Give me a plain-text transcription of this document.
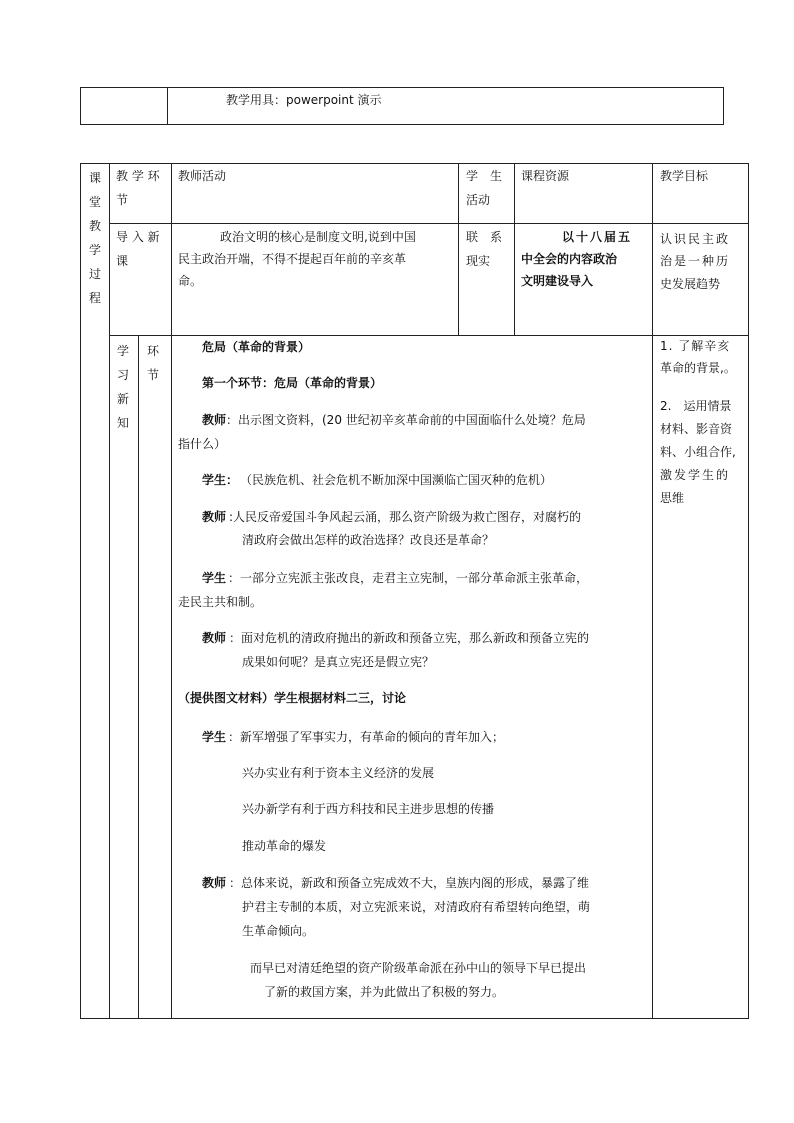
教学用具：powerpoint 演示
课
堂
教
学
过
程
教 学 环
节
教师活动	学　生
活动
课程资源	教学目标
导 入 新
课
政治文明的核心是制度文明,说到中国
民主政治开端，不得不提起百年前的辛亥革
命。
联　系
现实
以十八届五
中全会的内容政治
文明建设导入
认识民主政
治是一种历
史发展趋势
学
习
新
知
环
节
危局（革命的背景）
第一个环节：危局（革命的背景）
教师 ：出示图文资料，(20 世纪初辛亥革命前的中国面临什么处境？危局
指什么）
学生： （民族危机、社会危机不断加深中国濒临亡国灭种的危机）
教师 :人民反帝爱国斗争风起云涌，那么资产阶级为救亡图存，对腐朽的
清政府会做出怎样的政治选择？改良还是革命？
学生 ：一部分立宪派主张改良，走君主立宪制，一部分革命派主张革命，
走民主共和制。
教师 ：面对危机的清政府抛出的新政和预备立宪，那么新政和预备立宪的
成果如何呢？是真立宪还是假立宪？
（提供图文材料）学生根据材料二三，讨论
学生 ：新军增强了军事实力，有革命的倾向的青年加入；
兴办实业有利于资本主义经济的发展
兴办新学有利于西方科技和民主进步思想的传播
推动革命的爆发
教师 ：总体来说，新政和预备立宪成效不大，皇族内阁的形成，暴露了维
护君主专制的本质，对立宪派来说，对清政府有希望转向绝望，萌
生革命倾向。
而早已对清廷绝望的资产阶级革命派在孙中山的领导下早已提出
了新的救国方案，并为此做出了积极的努力。
1. 了解辛亥
革命的背景,。
2.　运用情景
材料、影音资
料、小组合作,
激发学生的
思维
